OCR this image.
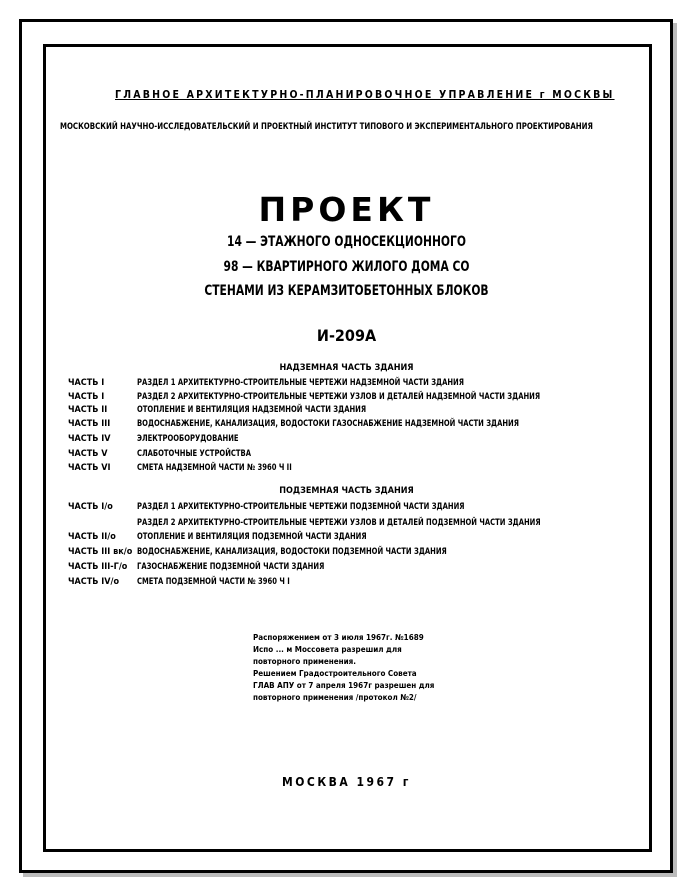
ГЛАВНОЕ АРХИТЕКТУРНО-ПЛАНИРОВОЧНОЕ УПРАВЛЕНИЕ г МОСКВЫ
МОСКОВСКИЙ НАУЧНО-ИССЛЕДОВАТЕЛЬСКИЙ И ПРОЕКТНЫЙ ИНСТИТУТ ТИПОВОГО И ЭКСПЕРИМЕНТАЛЬНОГО ПРОЕКТИРОВАНИЯ
ПРОЕКТ
14 — ЭТАЖНОГО ОДНОСЕКЦИОННОГО
98 — КВАРТИРНОГО ЖИЛОГО ДОМА СО
СТЕНАМИ ИЗ КЕРАМЗИТОБЕТОННЫХ БЛОКОВ
И-209А
НАДЗЕМНАЯ ЧАСТЬ ЗДАНИЯ
ЧАСТЬ I	РАЗДЕЛ 1 АРХИТЕКТУРНО-СТРОИТЕЛЬНЫЕ ЧЕРТЕЖИ НАДЗЕМНОЙ ЧАСТИ ЗДАНИЯ
ЧАСТЬ I	РАЗДЕЛ 2 АРХИТЕКТУРНО-СТРОИТЕЛЬНЫЕ ЧЕРТЕЖИ УЗЛОВ И ДЕТАЛЕЙ НАДЗЕМНОЙ ЧАСТИ ЗДАНИЯ
ЧАСТЬ II	ОТОПЛЕНИЕ И ВЕНТИЛЯЦИЯ НАДЗЕМНОЙ ЧАСТИ ЗДАНИЯ
ЧАСТЬ III	ВОДОСНАБЖЕНИЕ, КАНАЛИЗАЦИЯ, ВОДОСТОКИ ГАЗОСНАБЖЕНИЕ НАДЗЕМНОЙ ЧАСТИ ЗДАНИЯ
ЧАСТЬ IV	ЭЛЕКТРООБОРУДОВАНИЕ
ЧАСТЬ V	СЛАБОТОЧНЫЕ УСТРОЙСТВА
ЧАСТЬ VI	СМЕТА НАДЗЕМНОЙ ЧАСТИ № 3960 Ч II
ПОДЗЕМНАЯ ЧАСТЬ ЗДАНИЯ
ЧАСТЬ I/о	РАЗДЕЛ 1 АРХИТЕКТУРНО-СТРОИТЕЛЬНЫЕ ЧЕРТЕЖИ ПОДЗЕМНОЙ ЧАСТИ ЗДАНИЯ
РАЗДЕЛ 2 АРХИТЕКТУРНО-СТРОИТЕЛЬНЫЕ ЧЕРТЕЖИ УЗЛОВ И ДЕТАЛЕЙ ПОДЗЕМНОЙ ЧАСТИ ЗДАНИЯ
ЧАСТЬ II/о ОТОПЛЕНИЕ И ВЕНТИЛЯЦИЯ ПОДЗЕМНОЙ ЧАСТИ ЗДАНИЯ
ЧАСТЬ III вк/о ВОДОСНАБЖЕНИЕ, КАНАЛИЗАЦИЯ, ВОДОСТОКИ ПОДЗЕМНОЙ ЧАСТИ ЗДАНИЯ
ЧАСТЬ III-Г/о ГАЗОСНАБЖЕНИЕ ПОДЗЕМНОЙ ЧАСТИ ЗДАНИЯ
ЧАСТЬ IV/о СМЕТА ПОДЗЕМНОЙ ЧАСТИ № 3960 Ч I
Распоряжением от 3 июля 1967г. №1689
Испо ... м Моссовета разрешил для
повторного применения.
Решением Градостроительного Совета
ГЛАВ АПУ от 7 апреля 1967г разрешен для
повторного применения /протокол №2/
МОСКВА 1967 г
